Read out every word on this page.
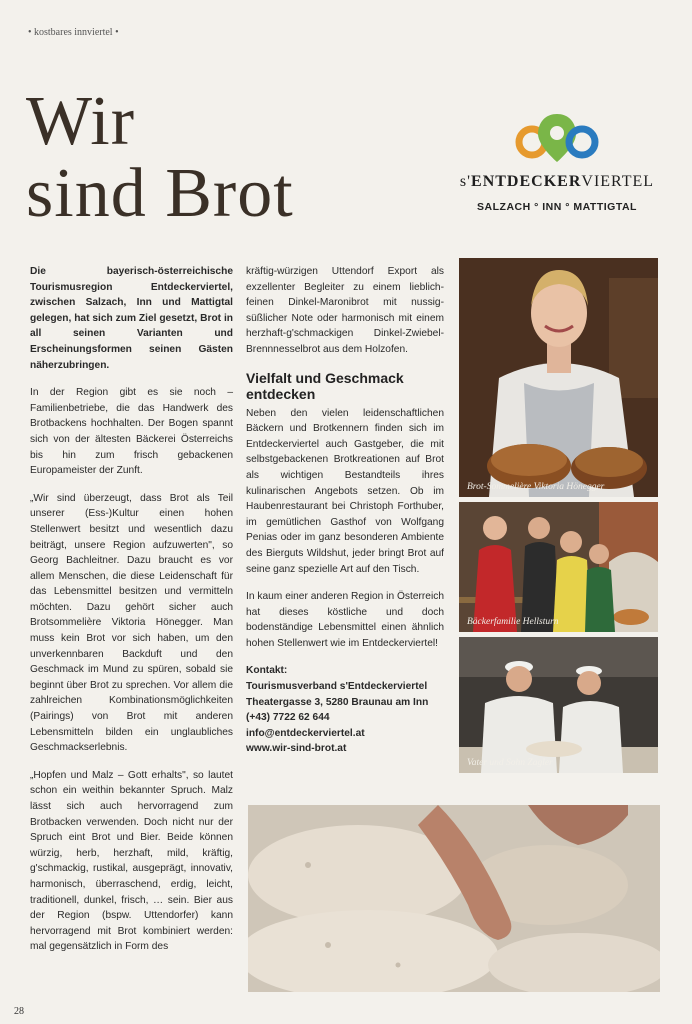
• kostbares innviertel •
Wir
sind Brot	s'ENTDECKERVIERTEL
SALZACH ° INN ° MATTIGTAL

Die bayerisch-österreichische Tourismusregion Entdeckerviertel, zwischen Salzach, Inn und Mattigtal gelegen, hat sich zum Ziel gesetzt, Brot in all seinen Varianten und Erscheinungsformen seinen Gästen näherzubringen.

In der Region gibt es sie noch – Familienbetriebe, die das Handwerk des Brotbackens hochhalten. Der Bogen spannt sich von der ältesten Bäckerei Österreichs bis hin zum frisch gebackenen Europameister der Zunft.

„Wir sind überzeugt, dass Brot als Teil unserer (Ess-)Kultur einen hohen Stellenwert besitzt und wesentlich dazu beiträgt, unsere Region aufzuwerten", so Georg Bachleitner. Dazu braucht es vor allem Menschen, die diese Leidenschaft für das Lebensmittel besitzen und vermitteln möchten. Dazu gehört sicher auch Brotsommelière Viktoria Hönegger. Man muss kein Brot vor sich haben, um den unverkennbaren Backduft und den Geschmack im Mund zu spüren, sobald sie beginnt über Brot zu sprechen. Vor allem die zahlreichen Kombinationsmöglichkeiten (Pairings) von Brot mit anderen Lebensmitteln bilden ein unglaubliches Geschmackserlebnis.

„Hopfen und Malz – Gott erhalts", so lautet schon ein weithin bekannter Spruch. Malz lässt sich auch hervorragend zum Brotbacken verwenden. Doch nicht nur der Spruch eint Brot und Bier. Beide können würzig, herb, herzhaft, mild, kräftig, g'schmackig, rustikal, ausgeprägt, innovativ, harmonisch, überraschend, erdig, leicht, traditionell, dunkel, frisch, … sein. Bier aus der Region (bspw. Uttendorfer) kann hervorragend mit Brot kombiniert werden: mal gegensätzlich in Form des

kräftig-würzigen Uttendorf Export als exzellenter Begleiter zu einem lieblich-feinen Dinkel-Maronibrot mit nussig-süßlicher Note oder harmonisch mit einem herzhaft-g'schmackigen Dinkel-Zwiebel-Brennnesselbrot aus dem Holzofen.

Vielfalt und Geschmack entdecken

Neben den vielen leidenschaftlichen Bäckern und Brotkennern finden sich im Entdeckerviertel auch Gastgeber, die mit selbstgebackenen Brotkreationen auf Brot als wichtigen Bestandteils ihres kulinarischen Angebots setzen. Ob im Haubenrestaurant bei Christoph Forthuber, im gemütlichen Gasthof von Wolfgang Penias oder im ganz besonderen Ambiente des Bierguts Wildshut, jeder bringt Brot auf seine ganz spezielle Art auf den Tisch.

In kaum einer anderen Region in Österreich hat dieses köstliche und doch bodenständige Lebensmittel einen ähnlich hohen Stellenwert wie im Entdeckerviertel!

Kontakt:
Tourismusverband s'Entdeckerviertel
Theatergasse 3, 5280 Braunau am Inn
(+43) 7722 62 644
info@entdeckerviertel.at
www.wir-sind-brot.at
Brot-Sommelière Viktoria Hönegger
Bäckerfamilie Hellsturn
Vater und Sohn Zagler
28
